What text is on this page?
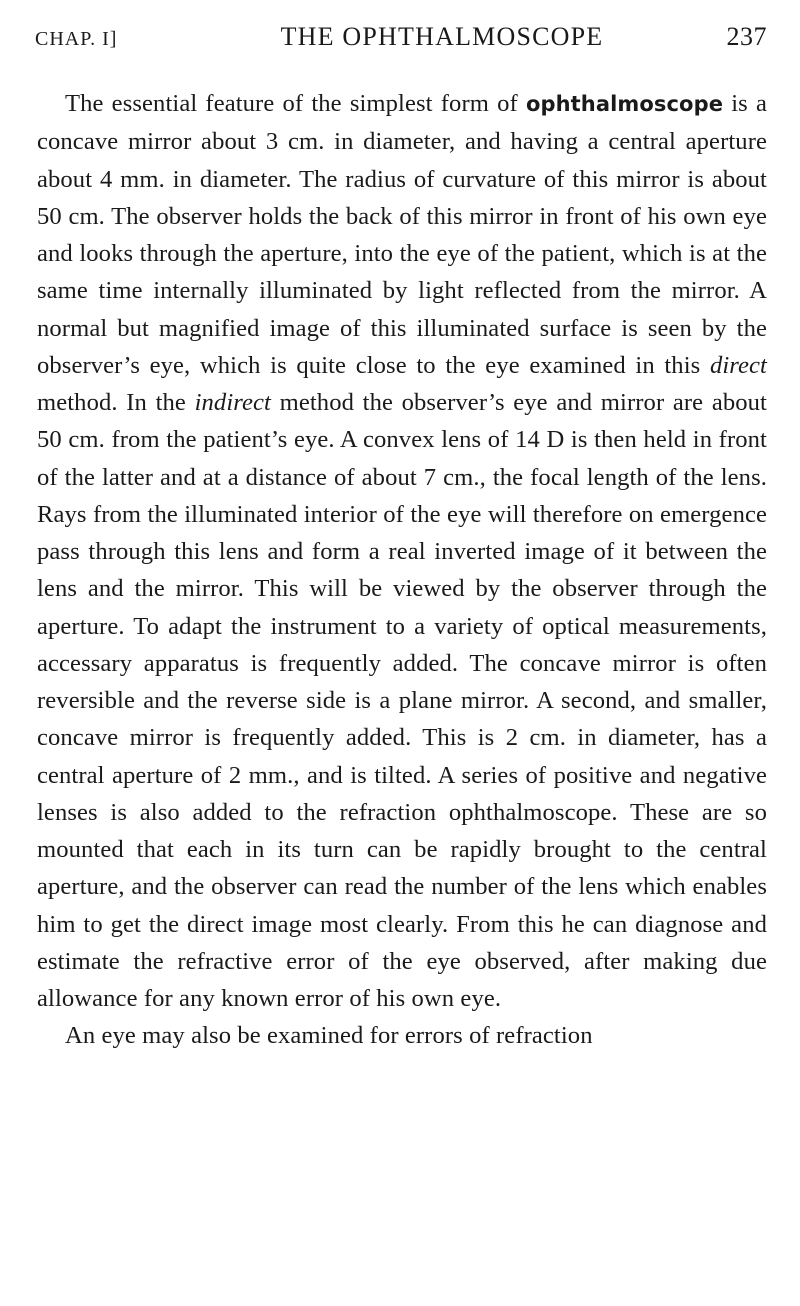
CHAP. I]	THE OPHTHALMOSCOPE	237

The essential feature of the simplest form of ophthalmoscope is a concave mirror about 3 cm. in diameter, and having a central aperture about 4 mm. in diameter. The radius of curvature of this mirror is about 50 cm. The observer holds the back of this mirror in front of his own eye and looks through the aperture, into the eye of the patient, which is at the same time internally illuminated by light reflected from the mirror. A normal but magnified image of this illuminated surface is seen by the observer’s eye, which is quite close to the eye examined in this direct method. In the indirect method the observer’s eye and mirror are about 50 cm. from the patient’s eye. A convex lens of 14 D is then held in front of the latter and at a distance of about 7 cm., the focal length of the lens. Rays from the illuminated interior of the eye will therefore on emergence pass through this lens and form a real inverted image of it between the lens and the mirror. This will be viewed by the observer through the aperture. To adapt the instrument to a variety of optical measurements, accessary apparatus is frequently added. The concave mirror is often reversible and the reverse side is a plane mirror. A second, and smaller, concave mirror is frequently added. This is 2 cm. in diameter, has a central aperture of 2 mm., and is tilted. A series of positive and negative lenses is also added to the refraction ophthalmoscope. These are so mounted that each in its turn can be rapidly brought to the central aperture, and the observer can read the number of the lens which enables him to get the direct image most clearly. From this he can diagnose and estimate the refractive error of the eye observed, after making due allowance for any known error of his own eye.

An eye may also be examined for errors of refraction
